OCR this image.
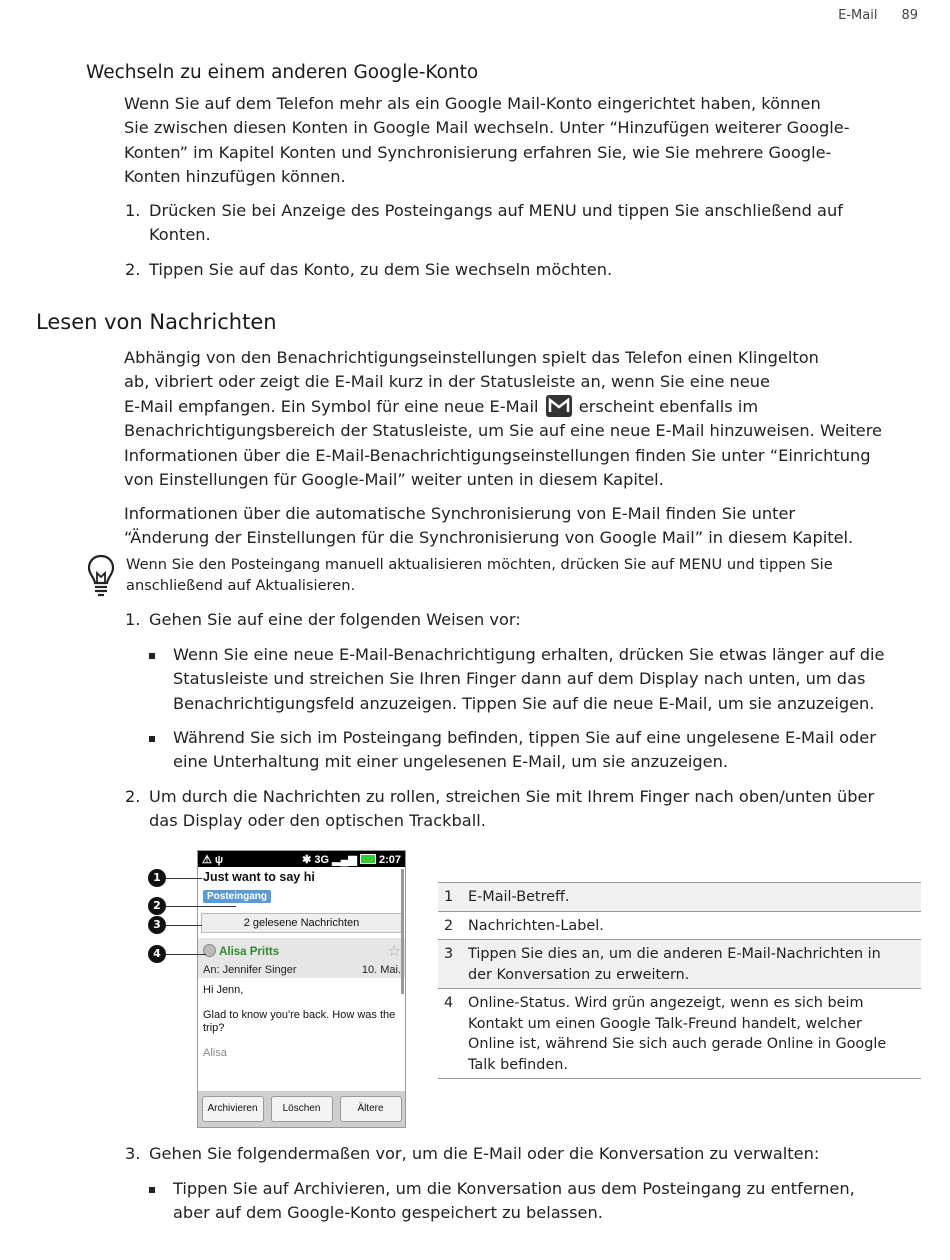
E-Mail 89
Wechseln zu einem anderen Google-Konto
Wenn Sie auf dem Telefon mehr als ein Google Mail-Konto eingerichtet haben, können
Sie zwischen diesen Konten in Google Mail wechseln. Unter “Hinzufügen weiterer Google-
Konten” im Kapitel Konten und Synchronisierung erfahren Sie, wie Sie mehrere Google-
Konten hinzufügen können.
1. Drücken Sie bei Anzeige des Posteingangs auf MENU und tippen Sie anschließend auf
Konten.
2. Tippen Sie auf das Konto, zu dem Sie wechseln möchten.
Lesen von Nachrichten
Abhängig von den Benachrichtigungseinstellungen spielt das Telefon einen Klingelton
ab, vibriert oder zeigt die E-Mail kurz in der Statusleiste an, wenn Sie eine neue
E-Mail empfangen. Ein Symbol für eine neue E-Mail erscheint ebenfalls im
Benachrichtigungsbereich der Statusleiste, um Sie auf eine neue E-Mail hinzuweisen. Weitere
Informationen über die E-Mail-Benachrichtigungseinstellungen finden Sie unter “Einrichtung
von Einstellungen für Google-Mail” weiter unten in diesem Kapitel.
Informationen über die automatische Synchronisierung von E-Mail finden Sie unter
“Änderung der Einstellungen für die Synchronisierung von Google Mail” in diesem Kapitel.
Wenn Sie den Posteingang manuell aktualisieren möchten, drücken Sie auf MENU und tippen Sie
anschließend auf Aktualisieren.
1. Gehen Sie auf eine der folgenden Weisen vor:
Wenn Sie eine neue E-Mail-Benachrichtigung erhalten, drücken Sie etwas länger auf die
Statusleiste und streichen Sie Ihren Finger dann auf dem Display nach unten, um das
Benachrichtigungsfeld anzuzeigen. Tippen Sie auf die neue E-Mail, um sie anzuzeigen.
Während Sie sich im Posteingang befinden, tippen Sie auf eine ungelesene E-Mail oder
eine Unterhaltung mit einer ungelesenen E-Mail, um sie anzuzeigen.
2. Um durch die Nachrichten zu rollen, streichen Sie mit Ihrem Finger nach oben/unten über
das Display oder den optischen Trackball.
⚠ ψ	✱ 3G ▂▄▆ 2:07
Just want to say hi
Posteingang
2 gelesene Nachrichten
Alisa Pritts	☆
An: Jennifer Singer	10. Mai.
Hi Jenn,
Glad to know you're back. How was the trip?
Alisa
Archivieren	Löschen	Ältere
1
2
3
4
1	E-Mail-Betreff.

2	Nachrichten-Label.

3	Tippen Sie dies an, um die anderen E-Mail-Nachrichten in
der Konversation zu erweitern.

4	Online-Status. Wird grün angezeigt, wenn es sich beim
Kontakt um einen Google Talk-Freund handelt, welcher
Online ist, während Sie sich auch gerade Online in Google
Talk befinden.
3. Gehen Sie folgendermaßen vor, um die E-Mail oder die Konversation zu verwalten:
Tippen Sie auf Archivieren, um die Konversation aus dem Posteingang zu entfernen,
aber auf dem Google-Konto gespeichert zu belassen.
